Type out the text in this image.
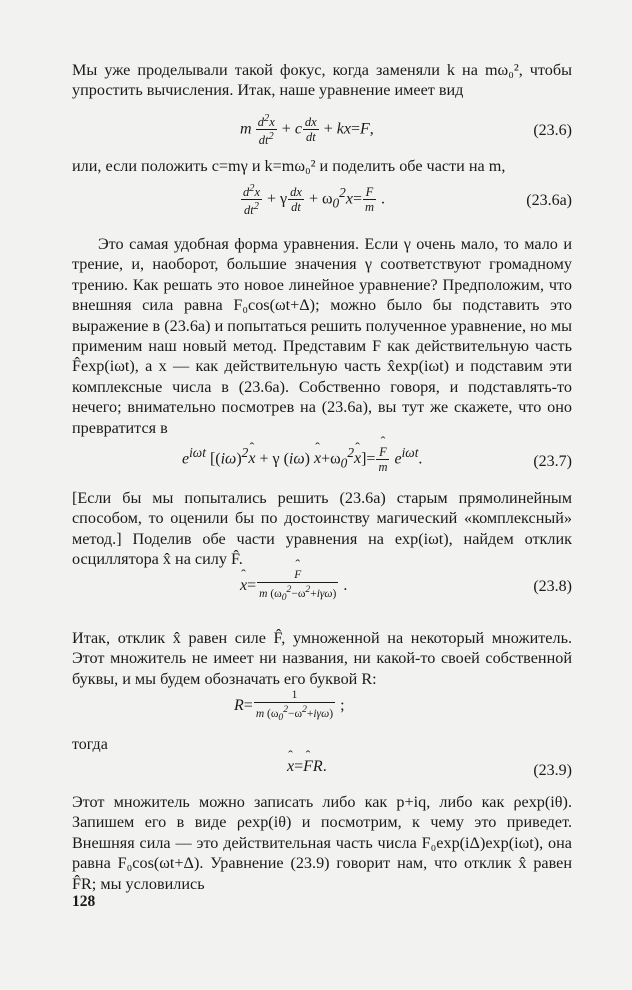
Мы уже проделывали такой фокус, когда заменяли k на mω₀², чтобы упростить вычисления. Итак, наше уравнение имеет вид

m  $\frac{d^2x}{dt^2} + c \frac{dx}{dt} + kx=F$,	(23.6)

или, если положить c=mγ и k=mω₀² и поделить обе части на m,

$\frac{d^2x}{dt^2} + \gamma \frac{dx}{dt} + \omega_0^2x= \frac{F}{m}$ .	(23.6a)

Это самая удобная форма уравнения. Если γ очень мало, то мало и трение, и, наоборот, большие значения γ соответствуют громадному трению. Как решать это новое линейное уравнение? Предположим, что внешняя сила равна F₀cos(ωt+Δ); можно было бы подставить это выражение в (23.6a) и попытаться решить полученное уравнение, но мы применим наш новый метод. Представим F как действительную часть F̂exp(iωt), а x — как действительную часть x̂exp(iωt) и подставим эти комплексные числа в (23.6a). Собственно говоря, и подставлять-то нечего; внимательно посмотрев на (23.6a), вы тут же скажете, что оно превратится в

$e^{i\omega t}$ [$(i\omega)^2̂$ x + γ (iω) ̂ $x+\omega_0^2̂$ x]= ̂ $\frac{F}{m} e^{i\omega t}$.	(23.7)

[Если бы мы попытались решить (23.6a) старым прямолинейным способом, то оценили бы по достоинству магический «комплексный» метод.] Поделив обе части уравнения на exp(iωt), найдем отклик осциллятора x̂ на силу F̂.

̂ x= ̂ $\frac{F}{m (\omega_0^2-\omega^2+i\gamma\omega)}$ .	(23.8)

Итак, отклик x̂ равен силе F̂, умноженной на некоторый множитель. Этот множитель не имеет ни названия, ни какой-то своей собственной буквы, и мы будем обозначать его буквой R:

$R= \frac{1}{m (\omega_0^2-\omega^2+i\gamma\omega)}$ ;
тогда
̂ x=̂ FR.	(23.9)

Этот множитель можно записать либо как p+iq, либо как ρexp(iθ). Запишем его в виде ρexp(iθ) и посмотрим, к чему это приведет. Внешняя сила — это действительная часть числа F₀exp(iΔ)exp(iωt), она равна F₀cos(ωt+Δ). Уравнение (23.9) говорит нам, что отклик x̂ равен F̂R; мы условились

128
